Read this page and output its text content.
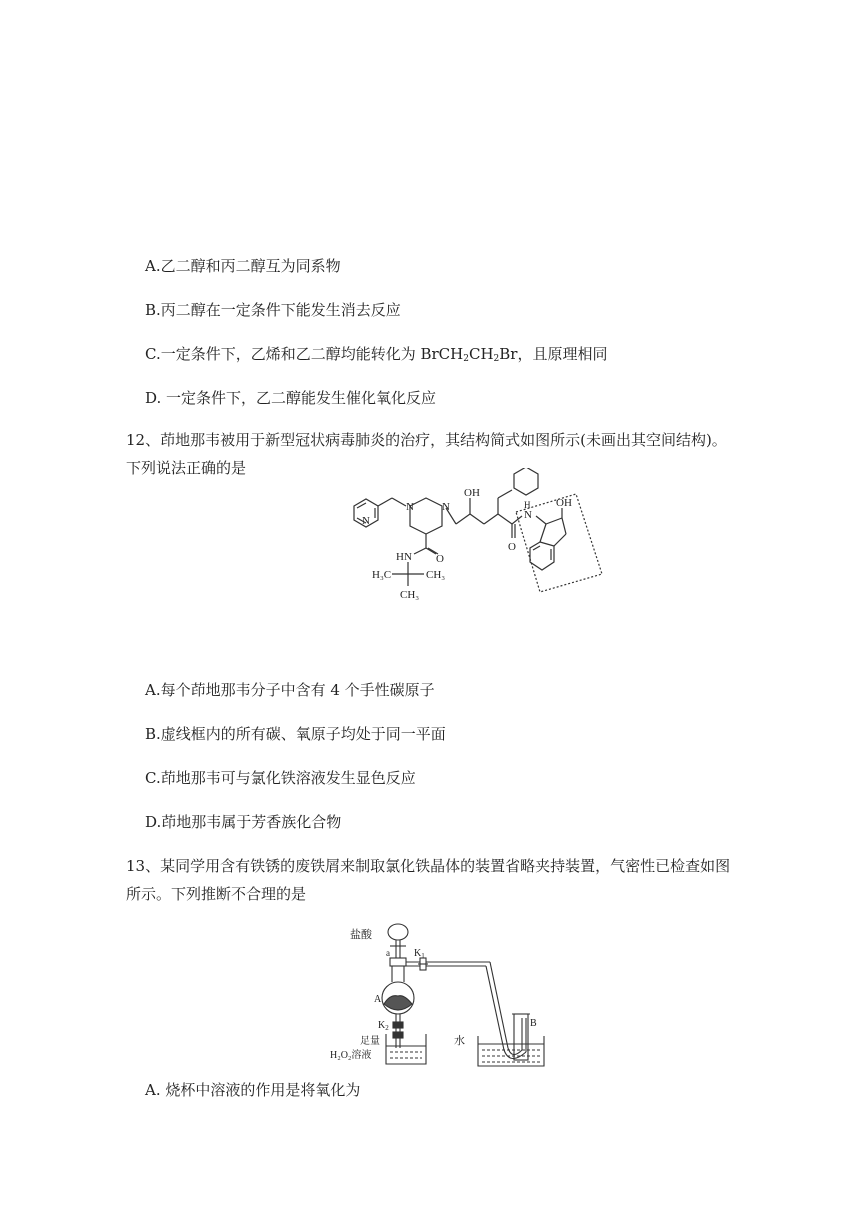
A.乙二醇和丙二醇互为同系物
B.丙二醇在一定条件下能发生消去反应
C.一定条件下，乙烯和乙二醇均能转化为 $BrCH_2CH_2Br$，且原理相同
D. 一定条件下，乙二醇能发生催化氧化反应
12、茚地那韦被用于新型冠状病毒肺炎的治疗，其结构简式如图所示(未画出其空间结构)。
下列说法正确的是
N
N	N
HN O
OH
O
N
H OH
H₃C	CH₃
CH₃
A.每个茚地那韦分子中含有 4 个手性碳原子
B.虚线框内的所有碳、氧原子均处于同一平面
C.茚地那韦可与氯化铁溶液发生显色反应
D.茚地那韦属于芳香族化合物
13、某同学用含有铁锈的废铁屑来制取氯化铁晶体的装置省略夹持装置，气密性已检查如图
所示。下列推断不合理的是
盐酸
a $K_1$
A
$K_2$	B
水
足量
H₂O₂溶液
A. 烧杯中溶液的作用是将氧化为
